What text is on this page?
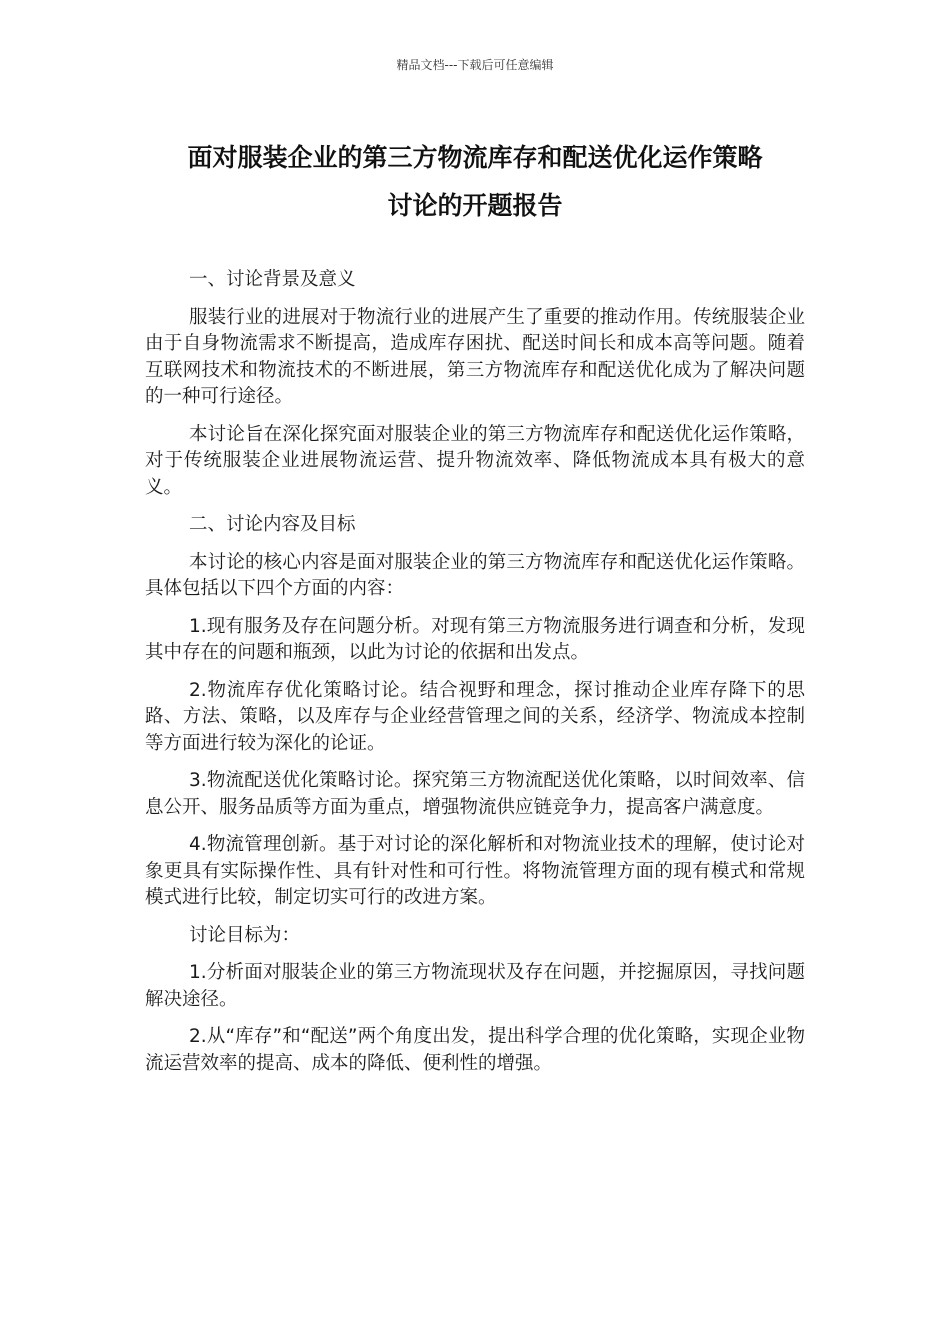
精品文档---下载后可任意编辑
面对服装企业的第三方物流库存和配送优化运作策略
讨论的开题报告

一、讨论背景及意义

服装行业的进展对于物流行业的进展产生了重要的推动作用。传统服装企业由于自身物流需求不断提高，造成库存困扰、配送时间长和成本高等问题。随着互联网技术和物流技术的不断进展，第三方物流库存和配送优化成为了解决问题的一种可行途径。

本讨论旨在深化探究面对服装企业的第三方物流库存和配送优化运作策略，对于传统服装企业进展物流运营、提升物流效率、降低物流成本具有极大的意义。

二、讨论内容及目标

本讨论的核心内容是面对服装企业的第三方物流库存和配送优化运作策略。具体包括以下四个方面的内容：

1.现有服务及存在问题分析。对现有第三方物流服务进行调查和分析，发现其中存在的问题和瓶颈，以此为讨论的依据和出发点。

2.物流库存优化策略讨论。结合视野和理念，探讨推动企业库存降下的思路、方法、策略，以及库存与企业经营管理之间的关系，经济学、物流成本控制等方面进行较为深化的论证。

3.物流配送优化策略讨论。探究第三方物流配送优化策略，以时间效率、信息公开、服务品质等方面为重点，增强物流供应链竞争力，提高客户满意度。

4.物流管理创新。基于对讨论的深化解析和对物流业技术的理解，使讨论对象更具有实际操作性、具有针对性和可行性。将物流管理方面的现有模式和常规模式进行比较，制定切实可行的改进方案。

讨论目标为：

1.分析面对服装企业的第三方物流现状及存在问题，并挖掘原因，寻找问题解决途径。

2.从“库存”和“配送”两个角度出发，提出科学合理的优化策略，实现企业物流运营效率的提高、成本的降低、便利性的增强。
